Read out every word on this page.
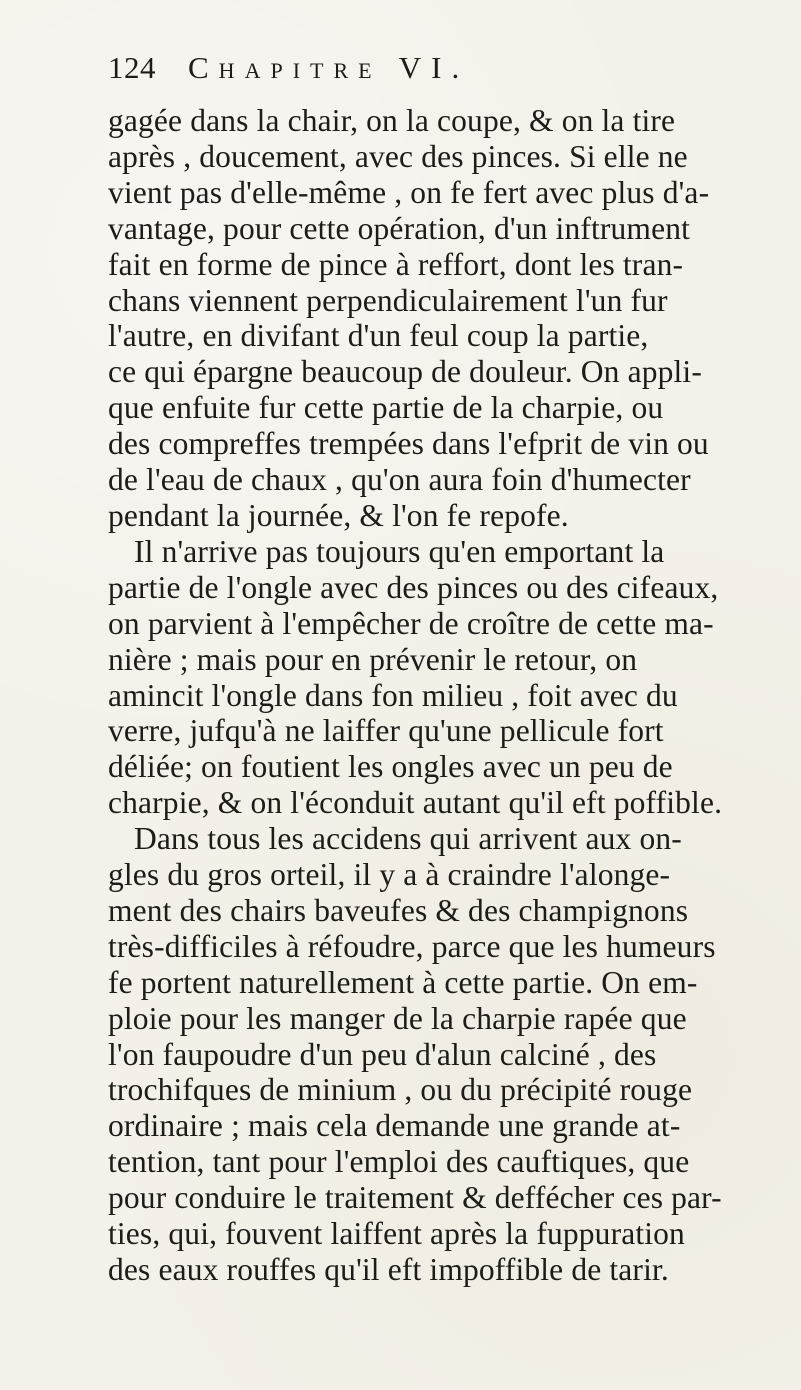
124 Chapitre VI.
gagée dans la chair, on la coupe, & on la tire
après , doucement, avec des pinces. Si elle ne
vient pas d'elle-même , on fe fert avec plus d'a-
vantage, pour cette opération, d'un inftrument
fait en forme de pince à reffort, dont les tran-
chans viennent perpendiculairement l'un fur
l'autre, en divifant d'un feul coup la partie,
ce qui épargne beaucoup de douleur. On appli-
que enfuite fur cette partie de la charpie, ou
des compreffes trempées dans l'efprit de vin ou
de l'eau de chaux , qu'on aura foin d'humecter
pendant la journée, & l'on fe repofe.
Il n'arrive pas toujours qu'en emportant la
partie de l'ongle avec des pinces ou des cifeaux,
on parvient à l'empêcher de croître de cette ma-
nière ; mais pour en prévenir le retour, on
amincit l'ongle dans fon milieu , foit avec du
verre, jufqu'à ne laiffer qu'une pellicule fort
déliée; on foutient les ongles avec un peu de
charpie, & on l'éconduit autant qu'il eft poffible.
Dans tous les accidens qui arrivent aux on-
gles du gros orteil, il y a à craindre l'alonge-
ment des chairs baveufes & des champignons
très-difficiles à réfoudre, parce que les humeurs
fe portent naturellement à cette partie. On em-
ploie pour les manger de la charpie rapée que
l'on faupoudre d'un peu d'alun calciné , des
trochifques de minium , ou du précipité rouge
ordinaire ; mais cela demande une grande at-
tention, tant pour l'emploi des cauftiques, que
pour conduire le traitement & deffécher ces par-
ties, qui, fouvent laiffent après la fuppuration
des eaux rouffes qu'il eft impoffible de tarir.
